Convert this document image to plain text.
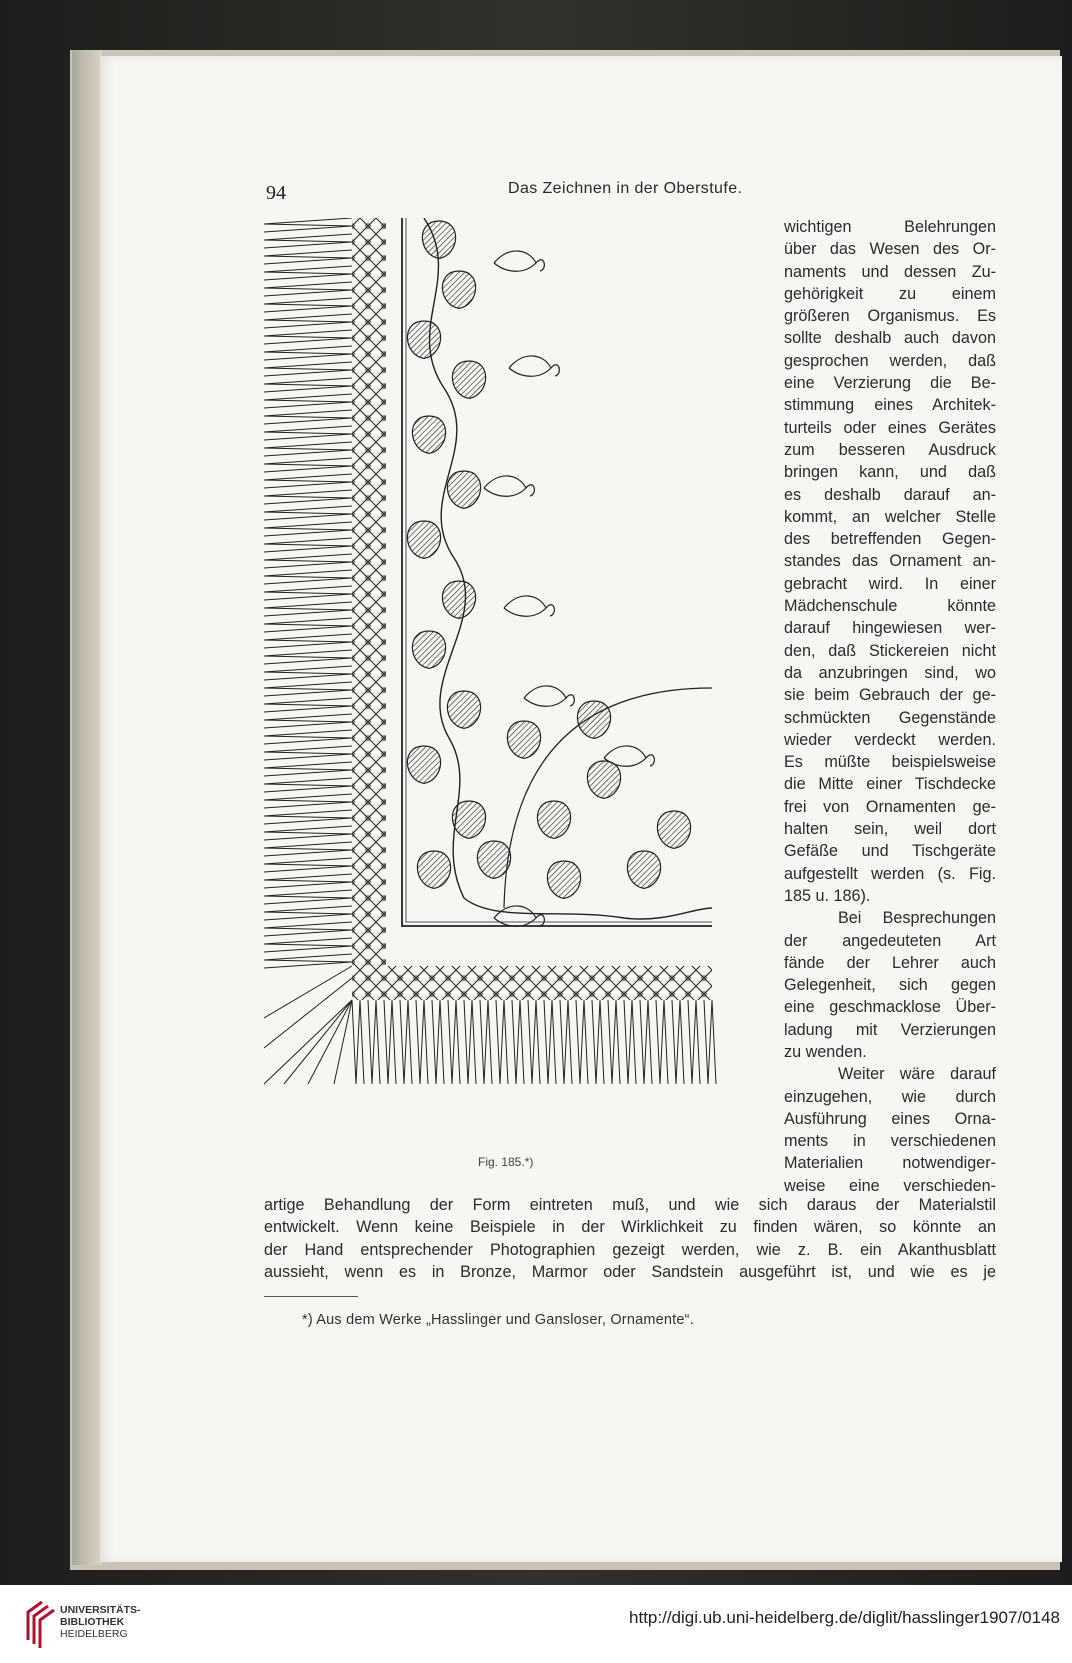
94	Das Zeichnen in der Oberstufe.
Fig. 185.*)
wichtigen Belehrungen
über das Wesen des Or-
naments und dessen Zu-
gehörigkeit zu einem
größeren Organismus. Es
sollte deshalb auch davon
gesprochen werden, daß
eine Verzierung die Be-
stimmung eines Architek-
turteils oder eines Gerätes
zum besseren Ausdruck
bringen kann, und daß
es deshalb darauf an-
kommt, an welcher Stelle
des betreffenden Gegen-
standes das Ornament an-
gebracht wird. In einer
Mädchenschule könnte
darauf hingewiesen wer-
den, daß Stickereien nicht
da anzubringen sind, wo
sie beim Gebrauch der ge-
schmückten Gegenstände
wieder verdeckt werden.
Es müßte beispielsweise
die Mitte einer Tischdecke
frei von Ornamenten ge-
halten sein, weil dort
Gefäße und Tischgeräte
aufgestellt werden (s. Fig.
185 u. 186).
Bei Besprechungen
der angedeuteten Art
fände der Lehrer auch
Gelegenheit, sich gegen
eine geschmacklose Über-
ladung mit Verzierungen
zu wenden.
Weiter wäre darauf
einzugehen, wie durch
Ausführung eines Orna-
ments in verschiedenen
Materialien notwendiger-
weise eine verschieden-
artige Behandlung der Form eintreten muß, und wie sich daraus der Materialstil
entwickelt. Wenn keine Beispiele in der Wirklichkeit zu finden wären, so könnte an
der Hand entsprechender Photographien gezeigt werden, wie z. B. ein Akanthusblatt
aussieht, wenn es in Bronze, Marmor oder Sandstein ausgeführt ist, und wie es je
*) Aus dem Werke „Hasslinger und Gansloser, Ornamente“.
UNIVERSITÄTS-
BIBLIOTHEK
HEIDELBERG
http://digi.ub.uni-heidelberg.de/diglit/hasslinger1907/0148
